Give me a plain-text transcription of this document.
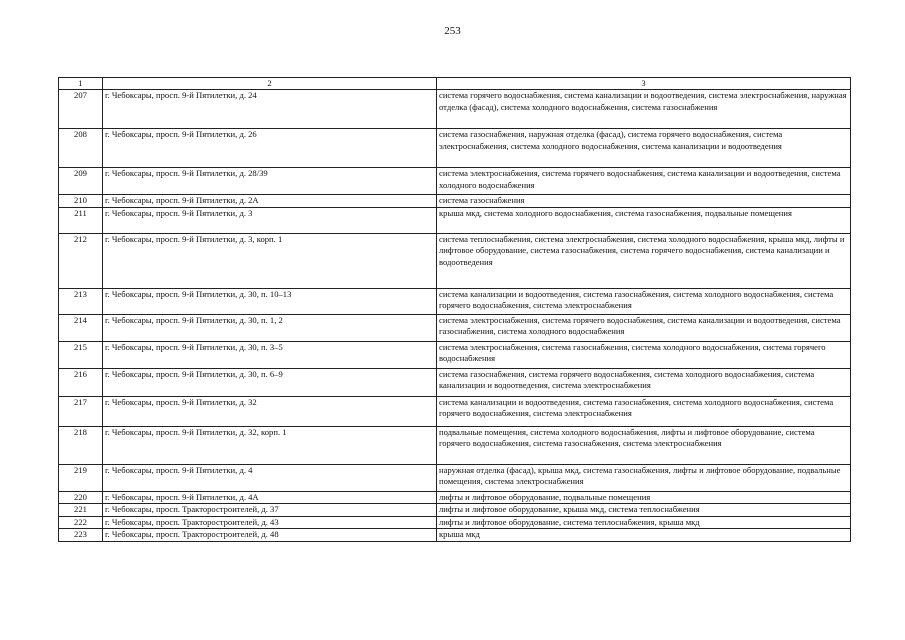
253
1	2	3
207	г. Чебоксары, просп. 9-й Пятилетки, д. 24	система горячего водоснабжения, система канализации и водоотведения, система электроснабжения, наружная отделка (фасад), система холодного водоснабжения, система газоснабжения
208	г. Чебоксары, просп. 9-й Пятилетки, д. 26	система газоснабжения, наружная отделка (фасад), система горячего водоснабжения, система электроснабжения, система холодного водоснабжения, система канализации и водоотведения
209	г. Чебоксары, просп. 9-й Пятилетки, д. 28/39	система электроснабжения, система горячего водоснабжения, система канализации и водоотведения, система холодного водоснабжения
210	г. Чебоксары, просп. 9-й Пятилетки, д. 2А	система газоснабжения
211	г. Чебоксары, просп. 9-й Пятилетки, д. 3	крыша мкд, система холодного водоснабжения, система газоснабжения, подвальные помещения
212	г. Чебоксары, просп. 9-й Пятилетки, д. 3, корп. 1	система теплоснабжения, система электроснабжения, система холодного водоснабжения, крыша мкд, лифты и лифтовое оборудование, система газоснабжения, система горячего водоснабжения, система канализации и водоотведения
213	г. Чебоксары, просп. 9-й Пятилетки, д. 30, п. 10–13	система канализации и водоотведения, система газоснабжения, система холодного водоснабжения, система горячего водоснабжения, система электроснабжения
214	г. Чебоксары, просп. 9-й Пятилетки, д. 30, п. 1, 2	система электроснабжения, система горячего водоснабжения, система канализации и водоотведения, система газоснабжения, система холодного водоснабжения
215	г. Чебоксары, просп. 9-й Пятилетки, д. 30, п. 3–5	система электроснабжения, система газоснабжения, система холодного водоснабжения, система горячего водоснабжения
216	г. Чебоксары, просп. 9-й Пятилетки, д. 30, п. 6–9	система газоснабжения, система горячего водоснабжения, система холодного водоснабжения, система канализации и водоотведения, система электроснабжения
217	г. Чебоксары, просп. 9-й Пятилетки, д. 32	система канализации и водоотведения, система газоснабжения, система холодного водоснабжения, система горячего водоснабжения, система электроснабжения
218	г. Чебоксары, просп. 9-й Пятилетки, д. 32, корп. 1	подвальные помещения, система холодного водоснабжения, лифты и лифтовое оборудование, система горячего водоснабжения, система газоснабжения, система электроснабжения
219	г. Чебоксары, просп. 9-й Пятилетки, д. 4	наружная отделка (фасад), крыша мкд, система газоснабжения, лифты и лифтовое оборудование, подвальные помещения, система электроснабжения
220	г. Чебоксары, просп. 9-й Пятилетки, д. 4А	лифты и лифтовое оборудование, подвальные помещения
221	г. Чебоксары, просп. Тракторостроителей, д. 37	лифты и лифтовое оборудование, крыша мкд, система теплоснабжения
222	г. Чебоксары, просп. Тракторостроителей, д. 43	лифты и лифтовое оборудование, система теплоснабжения, крыша мкд
223	г. Чебоксары, просп. Тракторостроителей, д. 48	крыша мкд
